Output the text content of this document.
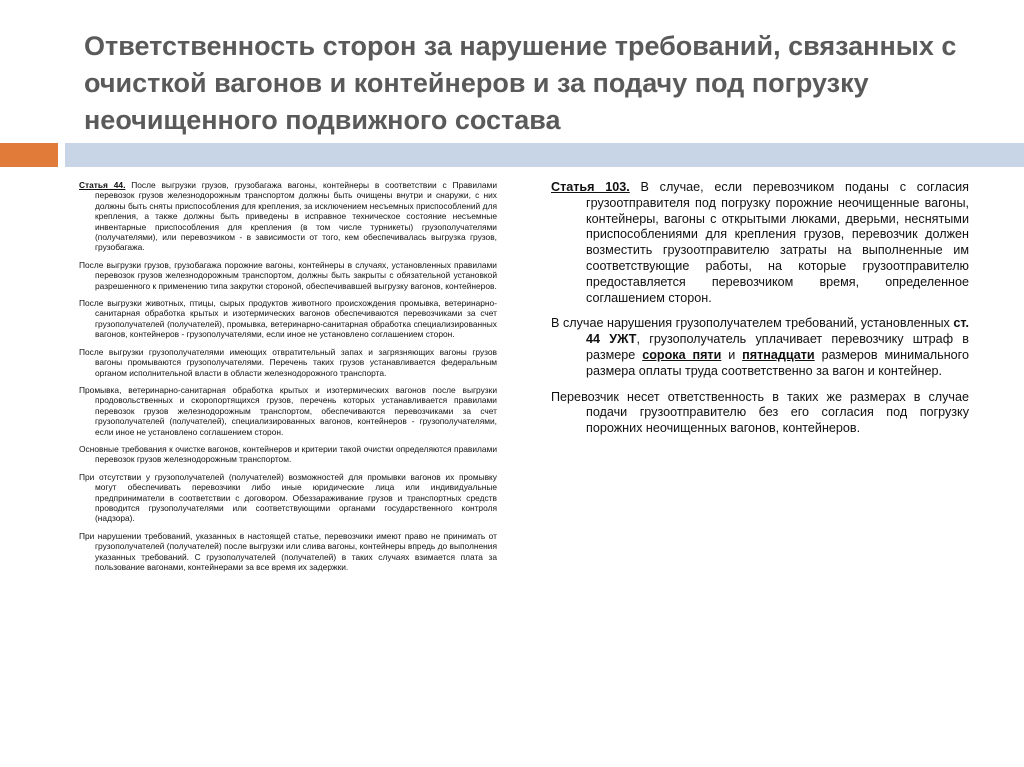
Ответственность сторон за нарушение требований, связанных с очисткой вагонов и контейнеров и за подачу под погрузку неочищенного подвижного состава

Статья 44. После выгрузки грузов, грузобагажа вагоны, контейнеры в соответствии с Правилами перевозок грузов железнодорожным транспортом должны быть очищены внутри и снаружи, с них должны быть сняты приспособления для крепления, за исключением несъемных приспособлений для крепления, а также должны быть приведены в исправное техническое состояние несъемные инвентарные приспособления для крепления (в том числе турникеты) грузополучателями (получателями), или перевозчиком - в зависимости от того, кем обеспечивалась выгрузка грузов, грузобагажа.

После выгрузки грузов, грузобагажа порожние вагоны, контейнеры в случаях, установленных правилами перевозок грузов железнодорожным транспортом, должны быть закрыты с обязательной установкой разрешенного к применению типа закрутки стороной, обеспечивавшей выгрузку вагонов, контейнеров.

После выгрузки животных, птицы, сырых продуктов животного происхождения промывка, ветеринарно-санитарная обработка крытых и изотермических вагонов обеспечиваются перевозчиками за счет грузополучателей (получателей), промывка, ветеринарно-санитарная обработка специализированных вагонов, контейнеров - грузополучателями, если иное не установлено соглашением сторон.

После выгрузки грузополучателями имеющих отвратительный запах и загрязняющих вагоны грузов вагоны промываются грузополучателями. Перечень таких грузов устанавливается федеральным органом исполнительной власти в области железнодорожного транспорта.

Промывка, ветеринарно-санитарная обработка крытых и изотермических вагонов после выгрузки продовольственных и скоропортящихся грузов, перечень которых устанавливается правилами перевозок грузов железнодорожным транспортом, обеспечиваются перевозчиками за счет грузополучателей (получателей), специализированных вагонов, контейнеров - грузополучателями, если иное не установлено соглашением сторон.

Основные требования к очистке вагонов, контейнеров и критерии такой очистки определяются правилами перевозок грузов железнодорожным транспортом.

При отсутствии у грузополучателей (получателей) возможностей для промывки вагонов их промывку могут обеспечивать перевозчики либо иные юридические лица или индивидуальные предприниматели в соответствии с договором. Обеззараживание грузов и транспортных средств проводится грузополучателями или соответствующими органами государственного контроля (надзора).

При нарушении требований, указанных в настоящей статье, перевозчики имеют право не принимать от грузополучателей (получателей) после выгрузки или слива вагоны, контейнеры впредь до выполнения указанных требований. С грузополучателей (получателей) в таких случаях взимается плата за пользование вагонами, контейнерами за все время их задержки.

Статья 103. В случае, если перевозчиком поданы с согласия грузоотправителя под погрузку порожние неочищенные вагоны, контейнеры, вагоны с открытыми люками, дверьми, неснятыми приспособлениями для крепления грузов, перевозчик должен возместить грузоотправителю затраты на выполненные им соответствующие работы, на которые грузоотправителю предоставляется перевозчиком время, определенное соглашением сторон.

В случае нарушения грузополучателем требований, установленных ст. 44 УЖТ, грузополучатель уплачивает перевозчику штраф в размере сорока пяти и пятнадцати размеров минимального размера оплаты труда соответственно за вагон и контейнер.

Перевозчик несет ответственность в таких же размерах в случае подачи грузоотправителю без его согласия под погрузку порожних неочищенных вагонов, контейнеров.
